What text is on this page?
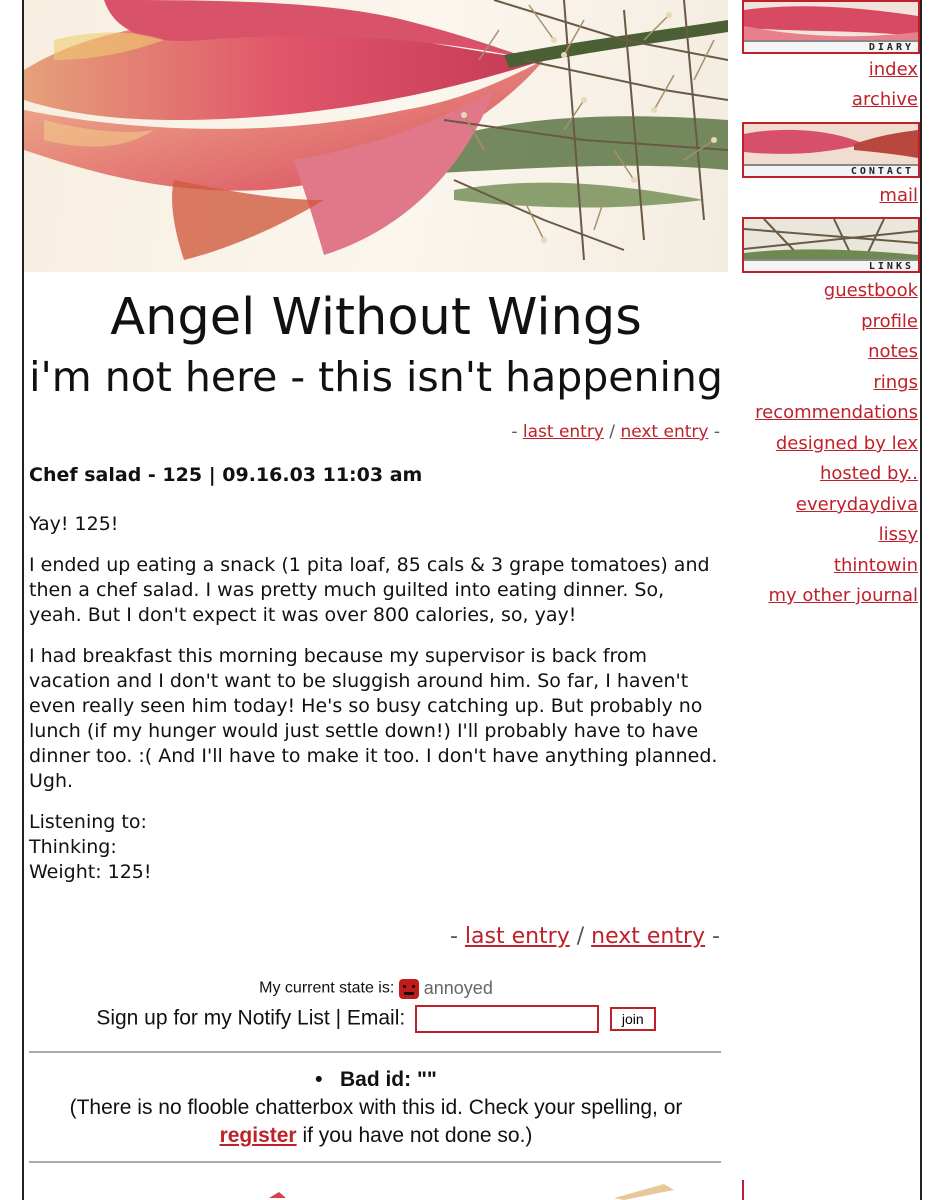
Angel Without Wings
i'm not here - this isn't happening
- last entry / next entry -
Chef salad - 125 | 09.16.03 11:03 am

Yay! 125!

I ended up eating a snack (1 pita loaf, 85 cals & 3 grape tomatoes) and then a chef salad. I was pretty much guilted into eating dinner. So, yeah. But I don't expect it was over 800 calories, so, yay!

I had breakfast this morning because my supervisor is back from vacation and I don't want to be sluggish around him. So far, I haven't even really seen him today! He's so busy catching up. But probably no lunch (if my hunger would just settle down!) I'll probably have to have dinner too. :( And I'll have to make it too. I don't have anything planned. Ugh.

Listening to:
Thinking:
Weight: 125!

- last entry / next entry -
My current state is: annoyed
Sign up for my Notify List | Email:	join
•   Bad id: ""
(There is no flooble chatterbox with this id. Check your spelling, or
register if you have not done so.)
DIARY
index
archive
CONTACT
mail
LINKS
guestbook
profile
notes
rings
recommendations
designed by lex
hosted by..
everydaydiva
lissy
thintowin
my other journal
